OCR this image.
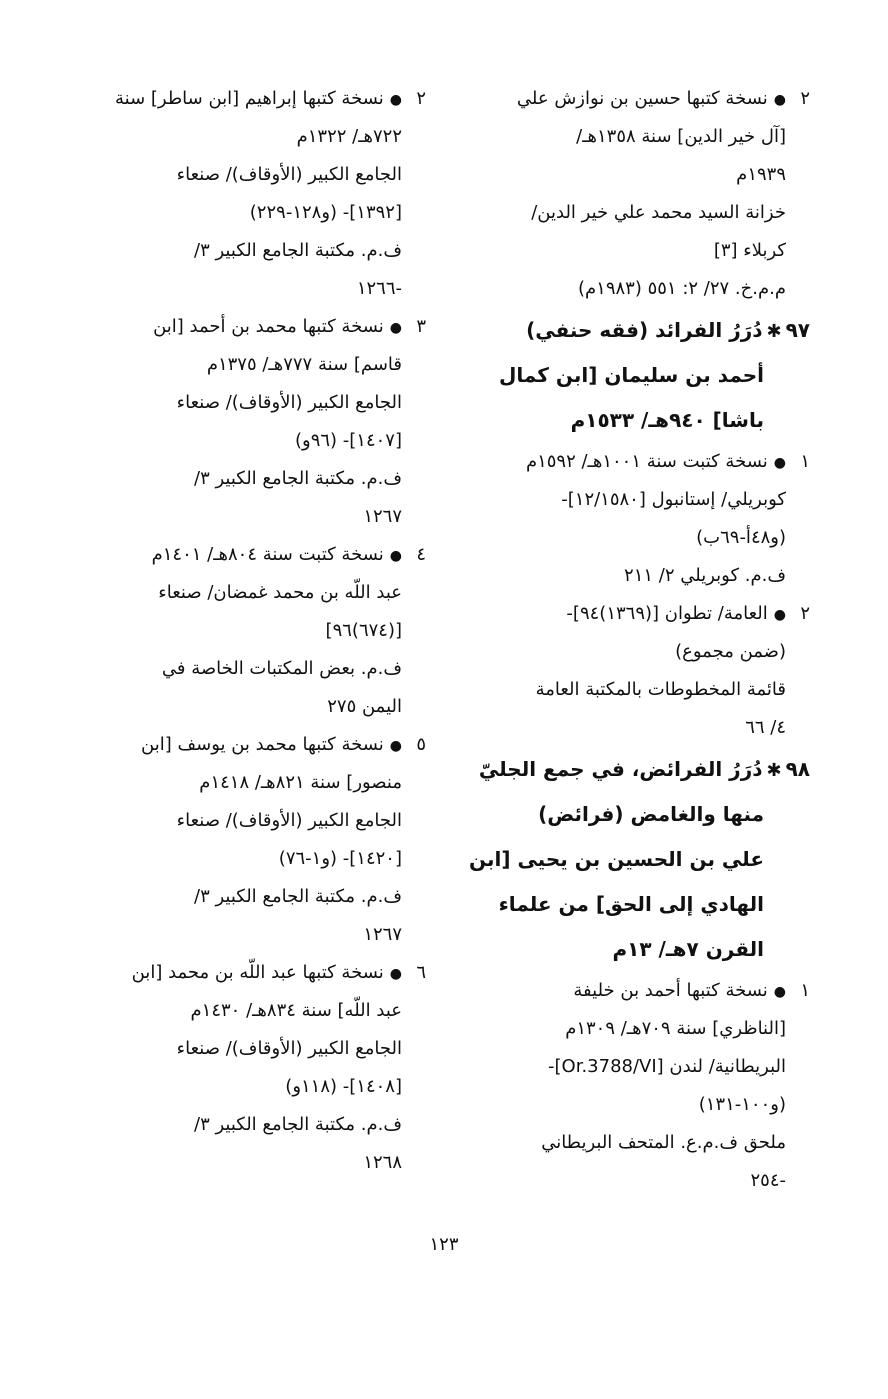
٢●نسخة كتبها حسين بن نوازش علي
[آل خير الدين] سنة ١٣٥٨هـ/
١٩٣٩م
خزانة السيد محمد علي خير الدين/
كربلاء [٣]
م.م.خ. ٢٧/ ٢: ٥٥١ (١٩٨٣م)
٩٧✱دُرَرُ الفرائد (فقه حنفي)
أحمد بن سليمان [ابن كمال
باشا] ٩٤٠هـ/ ١٥٣٣م
١●نسخة كتبت سنة ١٠٠١هـ/ ١٥٩٢م
كوبريلي/ إستانبول [١٢/١٥٨٠]-
(و٤٨أ-٦٩ب)
ف.م. كوبريلي ٢/ ٢١١
٢●العامة/ تطوان [(١٣٦٩)٩٤]-
(ضمن مجموع)
قائمة المخطوطات بالمكتبة العامة
٤/ ٦٦
٩٨✱دُرَرُ الفرائض، في جمع الجليّ
منها والغامض (فرائض)
علي بن الحسين بن يحيى [ابن
الهادي إلى الحق] من علماء
القرن ٧هـ/ ١٣م
١●نسخة كتبها أحمد بن خليفة
[الناظري] سنة ٧٠٩هـ/ ١٣٠٩م
البريطانية/ لندن [Or.3788/VI]-
(و١٠٠-١٣١)
ملحق ف.م.ع. المتحف البريطاني
-٢٥٤
٢●نسخة كتبها إبراهيم [ابن ساطر] سنة
٧٢٢هـ/ ١٣٢٢م
الجامع الكبير (الأوقاف)/ صنعاء
[١٣٩٢]- (و١٢٨-٢٢٩)
ف.م. مكتبة الجامع الكبير ٣/
-١٢٦٦
٣●نسخة كتبها محمد بن أحمد [ابن
قاسم] سنة ٧٧٧هـ/ ١٣٧٥م
الجامع الكبير (الأوقاف)/ صنعاء
[١٤٠٧]- (٩٦و)
ف.م. مكتبة الجامع الكبير ٣/
١٢٦٧
٤●نسخة كتبت سنة ٨٠٤هـ/ ١٤٠١م
عبد اللّه بن محمد غمضان/ صنعاء
[(٦٧٤)٩٦]
ف.م. بعض المكتبات الخاصة في
اليمن ٢٧٥
٥●نسخة كتبها محمد بن يوسف [ابن
منصور] سنة ٨٢١هـ/ ١٤١٨م
الجامع الكبير (الأوقاف)/ صنعاء
[١٤٢٠]- (و١-٧٦)
ف.م. مكتبة الجامع الكبير ٣/
١٢٦٧
٦●نسخة كتبها عبد اللّه بن محمد [ابن
عبد اللّه] سنة ٨٣٤هـ/ ١٤٣٠م
الجامع الكبير (الأوقاف)/ صنعاء
[١٤٠٨]- (١١٨و)
ف.م. مكتبة الجامع الكبير ٣/
١٢٦٨
١٢٣
